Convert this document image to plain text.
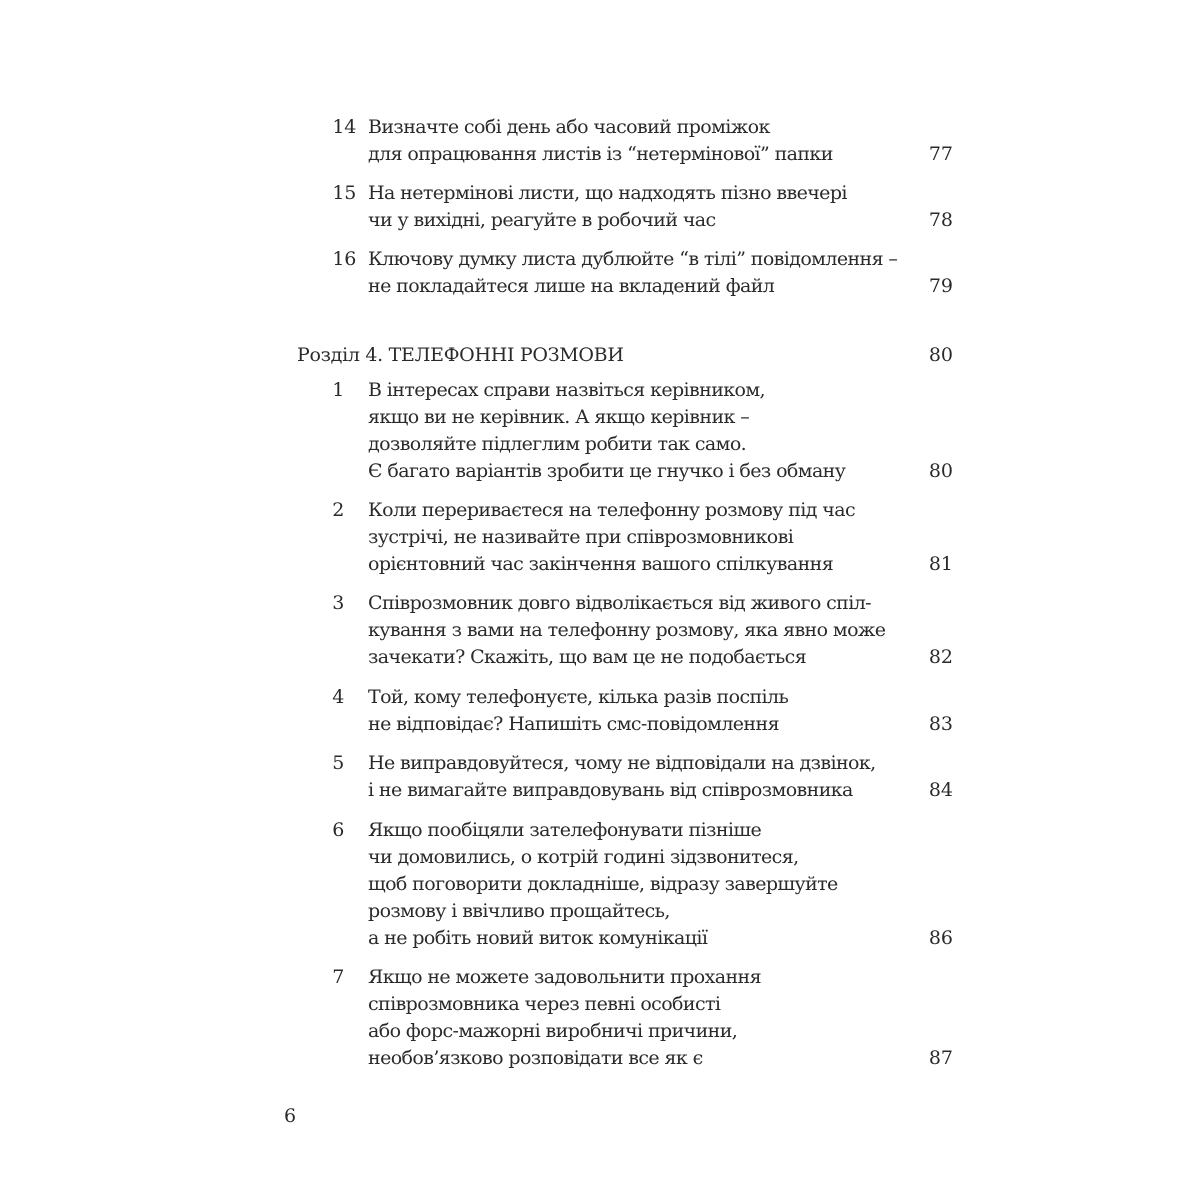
14 Визначте собі день або часовий проміжок
для опрацювання листів із “нетермінової” папки	77
15 На нетермінові листи, що надходять пізно ввечері
чи у вихідні, реагуйте в робочий час	78
16 Ключову думку листа дублюйте “в тілі” повідомлення –
не покладайтеся лише на вкладений файл	79
Розділ 4. ТЕЛЕФОННІ РОЗМОВИ	80
1 В інтересах справи назвіться керівником,
якщо ви не керівник. А якщо керівник –
дозволяйте підлеглим робити так само.
Є багато варіантів зробити це гнучко і без обману	80
2 Коли перериваєтеся на телефонну розмову під час
зустрічі, не називайте при співрозмовникові
орієнтовний час закінчення вашого спілкування	81
3 Співрозмовник довго відволікається від живого спіл-
кування з вами на телефонну розмову, яка явно може
зачекати? Скажіть, що вам це не подобається	82
4 Той, кому телефонуєте, кілька разів поспіль
не відповідає? Напишіть смс-повідомлення	83
5 Не виправдовуйтеся, чому не відповідали на дзвінок,
і не вимагайте виправдовувань від співрозмовника	84
6 Якщо пообіцяли зателефонувати пізніше
чи домовились, о котрій годині зідзвонитеся,
щоб поговорити докладніше, відразу завершуйте
розмову і ввічливо прощайтесь,
а не робіть новий виток комунікації	86
7 Якщо не можете задовольнити прохання
співрозмовника через певні особисті
або форс-мажорні виробничі причини,
необов’язково розповідати все як є	87
6
